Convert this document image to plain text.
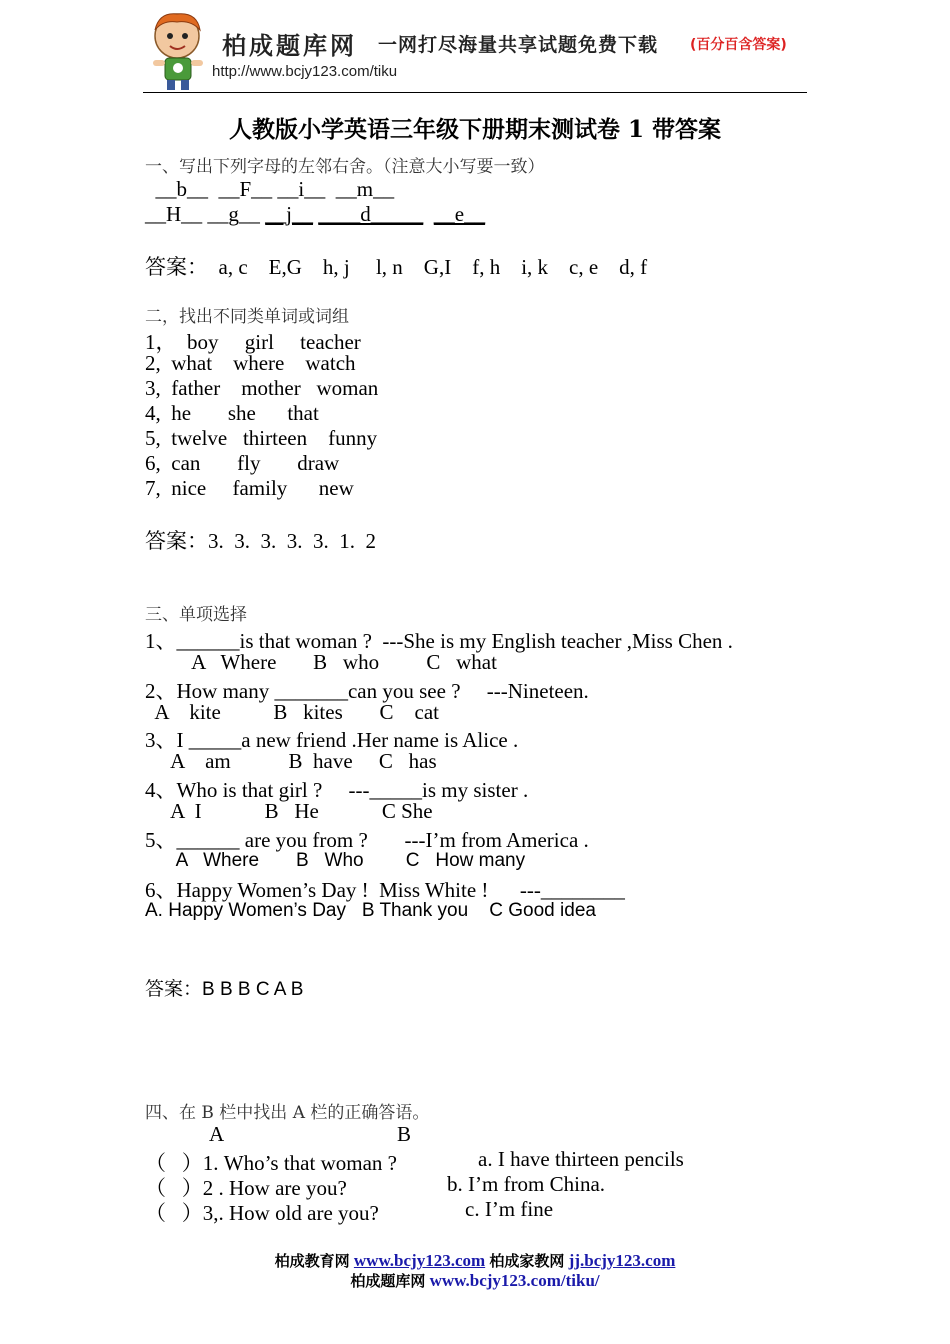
柏成题库网 一网打尽海量共享试题免费下载 (百分百含答案)
http://www.bcjy123.com/tiku
人教版小学英语三年级下册期末测试卷 1 带答案
一、写出下列字母的左邻右舍。（注意大小写要一致）
__b__  __F__ __i__  __m__
__H__ __g__ __j__ ____d_____ __e__
答案：  a, c    E,G    h, j     l, n    G,I    f, h    i, k    c, e    d, f
二，找出不同类单词或词组
1，  boy     girl     teacher
2,  what    where    watch
3,  father    mother   woman
4,  he       she      that
5,  twelve   thirteen    funny
6,  can       fly       draw
7,  nice     family      new
答案：3.  3.  3.  3.  3.  1.  2
三、单项选择
1、______is that woman ?  ---She is my English teacher ,Miss Chen .
A   Where       B   who         C   what
2、How many _______can you see ?     ---Nineteen.
A    kite          B   kites       C    cat
3、I _____a new friend .Her name is Alice .
A    am           B  have     C   has
4、Who is that girl ?     ---_____is my sister .
A  I            B   He            C She
5、______ are you from ?       ---I’m from America .
A   Where       B   Who        C   How many
6、Happy Women’s Day !  Miss White !      ---________
A. Happy Women’s Day   B Thank you    C Good idea
答案：B B B C A B
四、在 B 栏中找出 A 栏的正确答语。
A	B
（   ）1. Who’s that woman ?	a. I have thirteen pencils
（   ）2 . How are you?	b. I’m from China.
（   ）3,. How old are you?	c. I’m fine
柏成教育网 www.bcjy123.com 柏成家教网 jj.bcjy123.com
柏成题库网 www.bcjy123.com/tiku/
